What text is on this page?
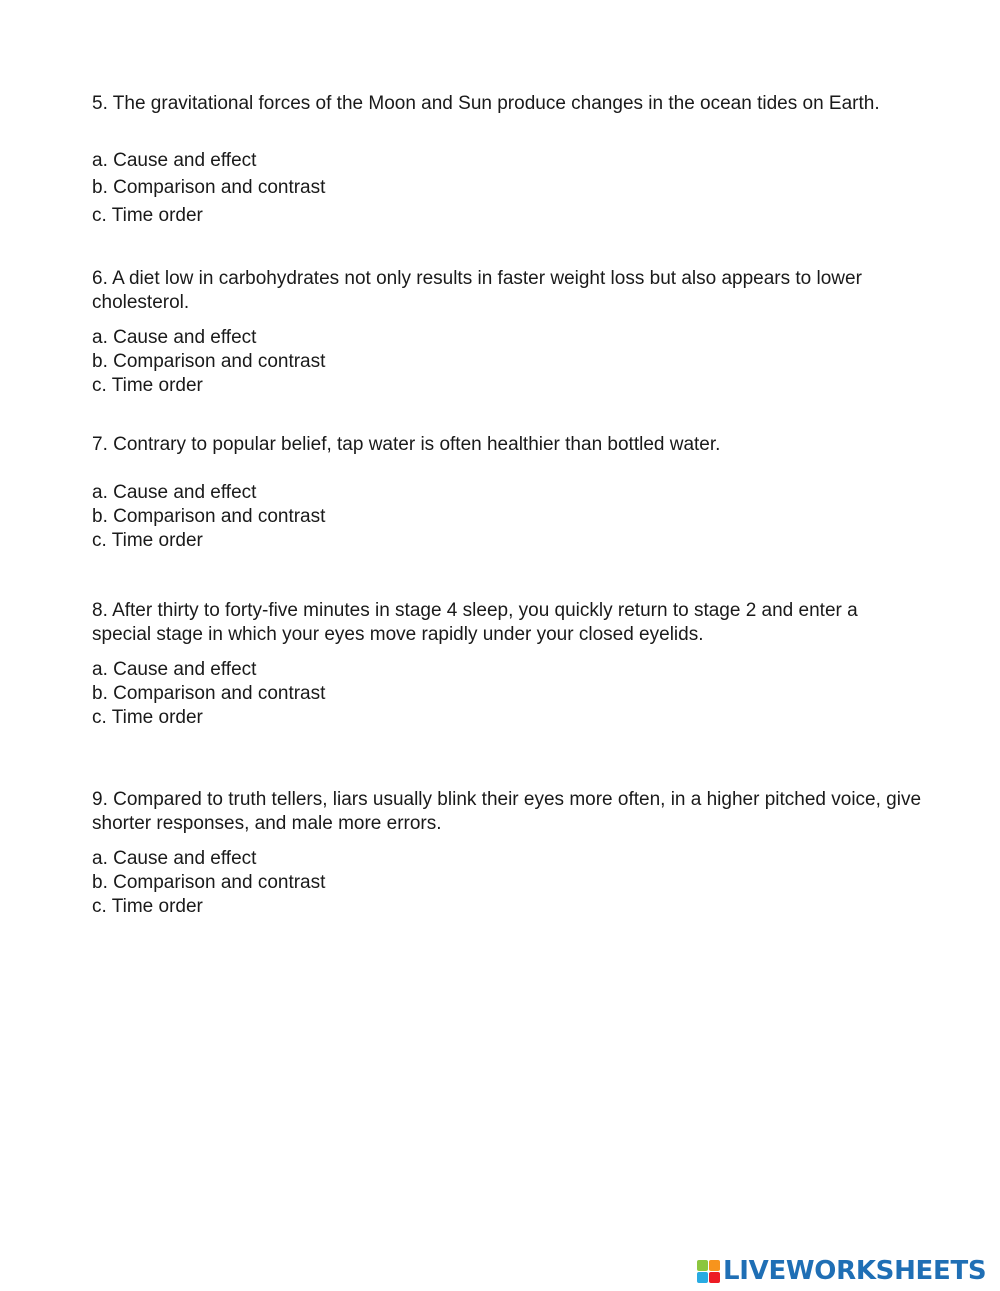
5. The gravitational forces of the Moon and Sun produce changes in the ocean tides on Earth.

a. Cause and effect
b. Comparison and contrast
c. Time order

6. A diet low in carbohydrates not only results in faster weight loss but also appears to lower cholesterol.

a. Cause and effect
b. Comparison and contrast
c. Time order

7. Contrary to popular belief, tap water is often healthier than bottled water.

a. Cause and effect
b. Comparison and contrast
c. Time order

8. After thirty to forty-five minutes in stage 4 sleep, you quickly return to stage 2 and enter a special stage in which your eyes move rapidly under your closed eyelids.

a. Cause and effect
b. Comparison and contrast
c. Time order

9. Compared to truth tellers, liars usually blink their eyes more often, in a higher pitched voice, give shorter responses, and male more errors.

a. Cause and effect
b. Comparison and contrast
c. Time order
LIVEWORKSHEETS
